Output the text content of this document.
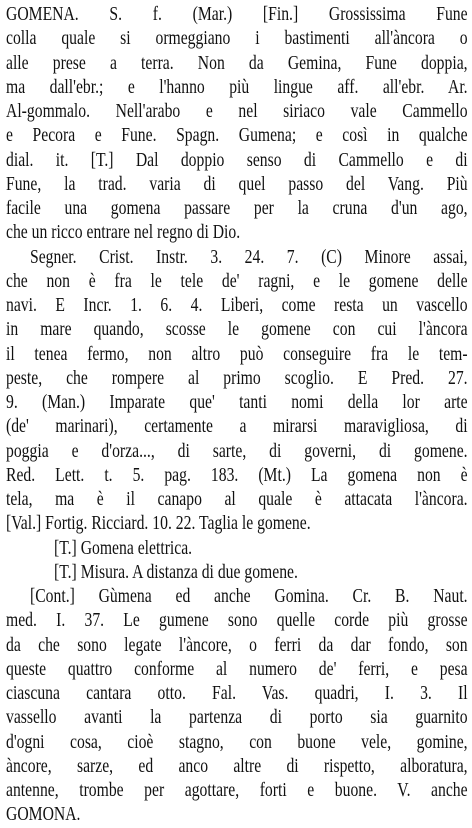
GOMENA. S. f. (Mar.) [Fin.] Grossissima Fune
colla quale si ormeggiano i bastimenti all'àncora o
alle prese a terra. Non da Gemina, Fune doppia,
ma dall'ebr.; e l'hanno più lingue aff. all'ebr. Ar.
Al-gommalo. Nell'arabo e nel siriaco vale Cammello
e Pecora e Fune. Spagn. Gumena; e così in qualche
dial. it. [T.] Dal doppio senso di Cammello e di
Fune, la trad. varia di quel passo del Vang. Più
facile una gomena passare per la cruna d'un ago,
che un ricco entrare nel regno di Dio.
Segner. Crist. Instr. 3. 24. 7. (C) Minore assai,
che non è fra le tele de' ragni, e le gomene delle
navi. E Incr. 1. 6. 4. Liberi, come resta un vascello
in mare quando, scosse le gomene con cui l'àncora
il tenea fermo, non altro può conseguire fra le tem-
peste, che rompere al primo scoglio. E Pred. 27.
9. (Man.) Imparate que' tanti nomi della lor arte
(de' marinari), certamente a mirarsi maravigliosa, di
poggia e d'orza..., di sarte, di governi, di gomene.
Red. Lett. t. 5. pag. 183. (Mt.) La gomena non è
tela, ma è il canapo al quale è attacata l'àncora.
[Val.] Fortig. Ricciard. 10. 22. Taglia le gomene.
[T.] Gomena elettrica.
[T.] Misura. A distanza di due gomene.
[Cont.] Gùmena ed anche Gomina. Cr. B. Naut.
med. I. 37. Le gumene sono quelle corde più grosse
da che sono legate l'àncore, o ferri da dar fondo, son
queste quattro conforme al numero de' ferri, e pesa
ciascuna cantara otto. Fal. Vas. quadri, I. 3. Il
vassello avanti la partenza di porto sia guarnito
d'ogni cosa, cioè stagno, con buone vele, gomine,
àncore, sarze, ed anco altre di rispetto, alboratura,
antenne, trombe per agottare, forti e buone. V. anche
GOMONA.
